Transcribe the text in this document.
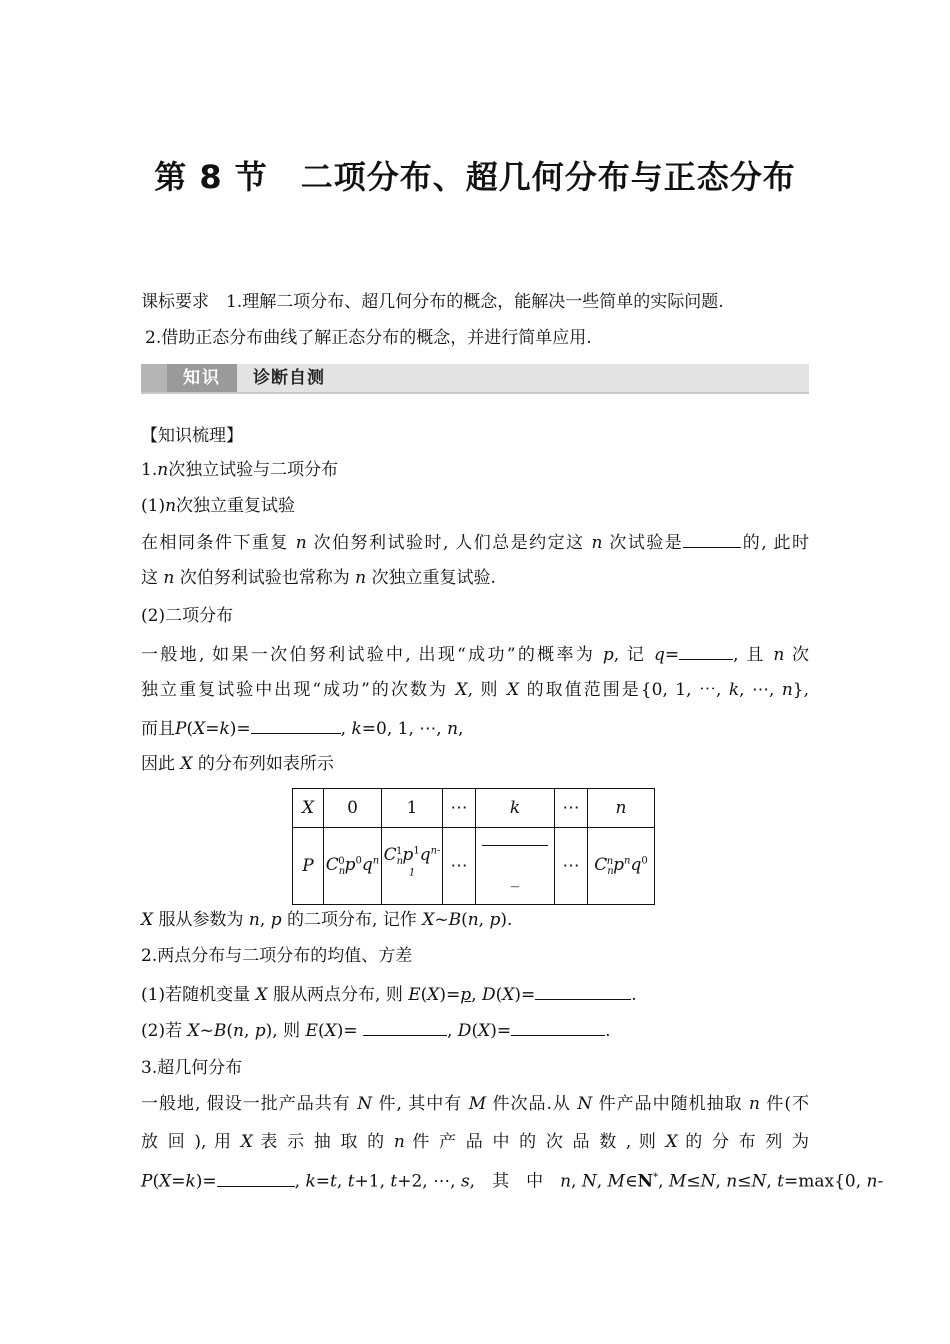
第 8 节　二项分布、超几何分布与正态分布
课标要求　1.理解二项分布、超几何分布的概念，能解决一些简单的实际问题.
2.借助正态分布曲线了解正态分布的概念，并进行简单应用.
知识	诊断自测
【知识梳理】
1.n次独立试验与二项分布
(1)n次独立重复试验
在相同条件下重复 n 次伯努利试验时, 人们总是约定这 n 次试验是	的, 此时
这 n 次伯努利试验也常称为 n 次独立重复试验.
(2)二项分布
一般地, 如果一次伯努利试验中, 出现“成功”的概率为 p, 记 q=	, 且 n 次
独立重复试验中出现“成功”的次数为 X, 则 X 的取值范围是{0, 1, ⋯, k, ⋯, n},
而且P(X=k)=	, k=0, 1, ⋯, n,
因此 X 的分布列如表所示
X	0	1	⋯	k	⋯	n
P	$C_n^0p^0q^n$	$C_n^1p^1q^{n-1}$	⋯	_	⋯	$C_n^np^nq^0$
X 服从参数为 n, p 的二项分布, 记作 X~B(n, p).
2.两点分布与二项分布的均值、方差
(1)若随机变量 X 服从两点分布, 则 E(X)=p, D(X)=	.
(2)若 X~B(n, p), 则 E(X)=	, D(X)=	.
3.超几何分布
一般地, 假设一批产品共有 N 件, 其中有 M 件次品.从 N 件产品中随机抽取 n 件(不
放 回 ), 用 X 表 示 抽 取 的 n 件 产 品 中 的 次 品 数 , 则 X 的 分 布 列 为
P(X=k)=	, k=t, t+1, t+2, ⋯, s,　其　中　 n, N, M∈N*, M≤N, n≤N, t=max{0, n-
